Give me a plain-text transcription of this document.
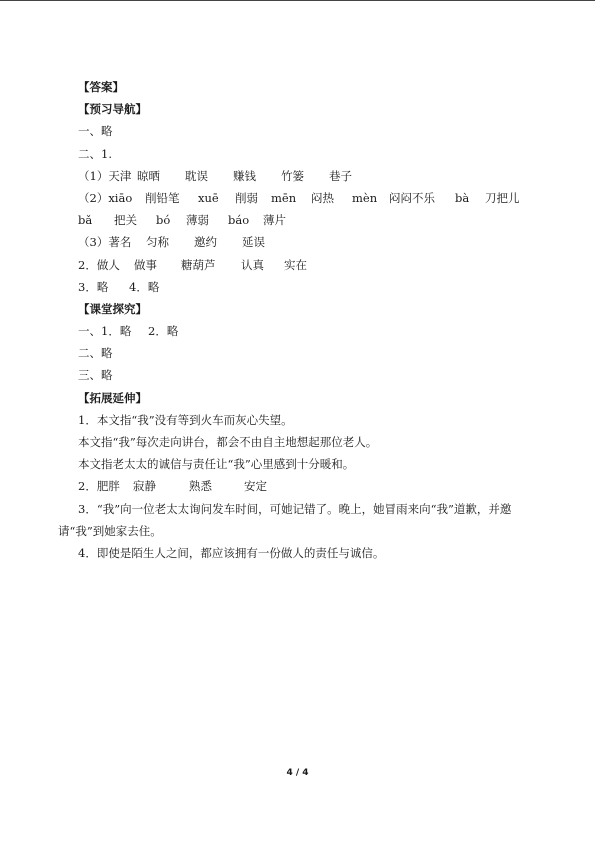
【答案】
【预习导航】
一、略
二、1.
（1）天津 晾晒	耽误	赚钱	竹篓	巷子
（2）xiāo	削铅笔	xuē	削弱	mēn	闷热	mèn	闷闷不乐	bà	刀把儿
bǎ	把关	bó	薄弱	báo	薄片
（3）著名	匀称	邀约	延误
2．做人	做事	糖葫芦	认真	实在
3．略	4．略
【课堂探究】
一、1．略	2．略
二、略
三、略
【拓展延伸】
1．本文指“我”没有等到火车而灰心失望。
本文指“我”每次走向讲台，都会不由自主地想起那位老人。
本文指老太太的诚信与责任让“我”心里感到十分暖和。
2．肥胖	寂静	熟悉	安定
3．“我”向一位老太太询问发车时间，可她记错了。晚上，她冒雨来向“我”道歉，并邀请“我”到她家去住。
4．即使是陌生人之间，都应该拥有一份做人的责任与诚信。
4 / 4
